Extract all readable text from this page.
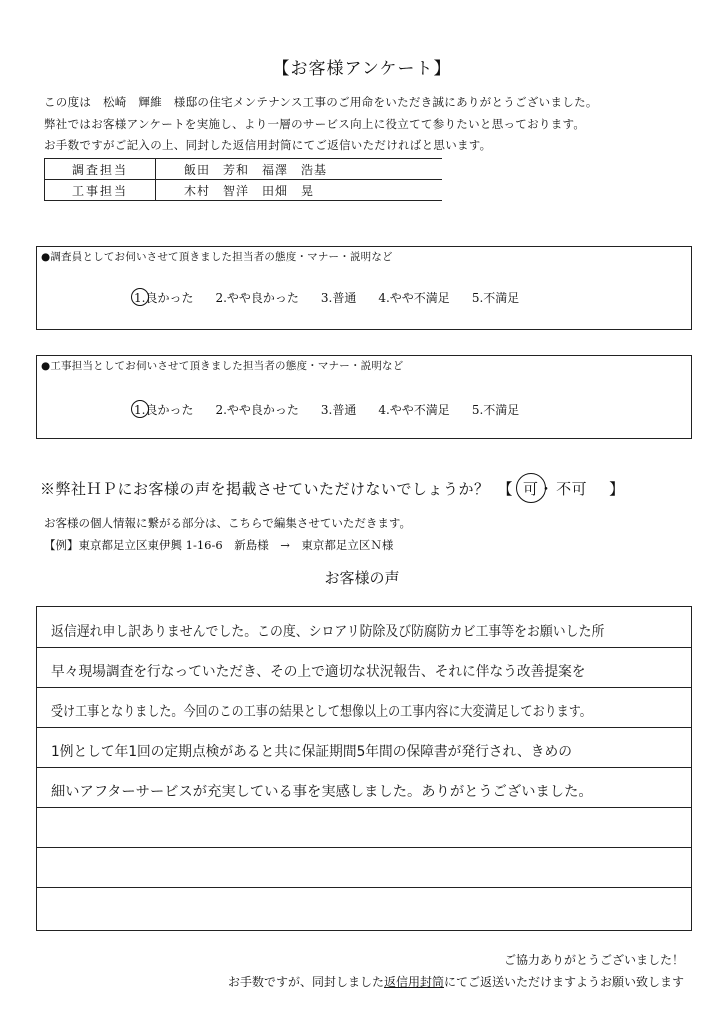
【お客様アンケート】
この度は　松崎　輝維　様邸の住宅メンテナンス工事のご用命をいただき誠にありがとうございました。
弊社ではお客様アンケートを実施し、より一層のサービス向上に役立てて参りたいと思っております。
お手数ですがご記入の上、同封した返信用封筒にてご返信いただければと思います。
調査担当	飯田　芳和　福澤　浩基
工事担当	木村　智洋　田畑　晃
●調査員としてお伺いさせて頂きました担当者の態度・マナー・説明など
1.良かった 2.やや良かった 3.普通 4.やや不満足 5.不満足
●工事担当としてお伺いさせて頂きました担当者の態度・マナー・説明など
1.良かった 2.やや良かった 3.普通 4.やや不満足 5.不満足
※弊社ＨＰにお客様の声を掲載させていただけないでしょうか？ 【 可
・ 不可 】
お客様の個人情報に繋がる部分は、こちらで編集させていただきます。
【例】東京都足立区東伊興 1-16-6　新島様　→　東京都足立区Ｎ様
お客様の声
返信遅れ申し訳ありませんでした。この度、シロアリ防除及び防腐防カビ工事等をお願いした所
早々現場調査を行なっていただき、その上で適切な状況報告、それに伴なう改善提案を
受け工事となりました。今回のこの工事の結果として想像以上の工事内容に大変満足しております。
1例として年1回の定期点検があると共に保証期間5年間の保障書が発行され、きめの
細いアフターサービスが充実している事を実感しました。ありがとうございました。
ご協力ありがとうございました！
お手数ですが、同封しました返信用封筒にてご返送いただけますようお願い致します
